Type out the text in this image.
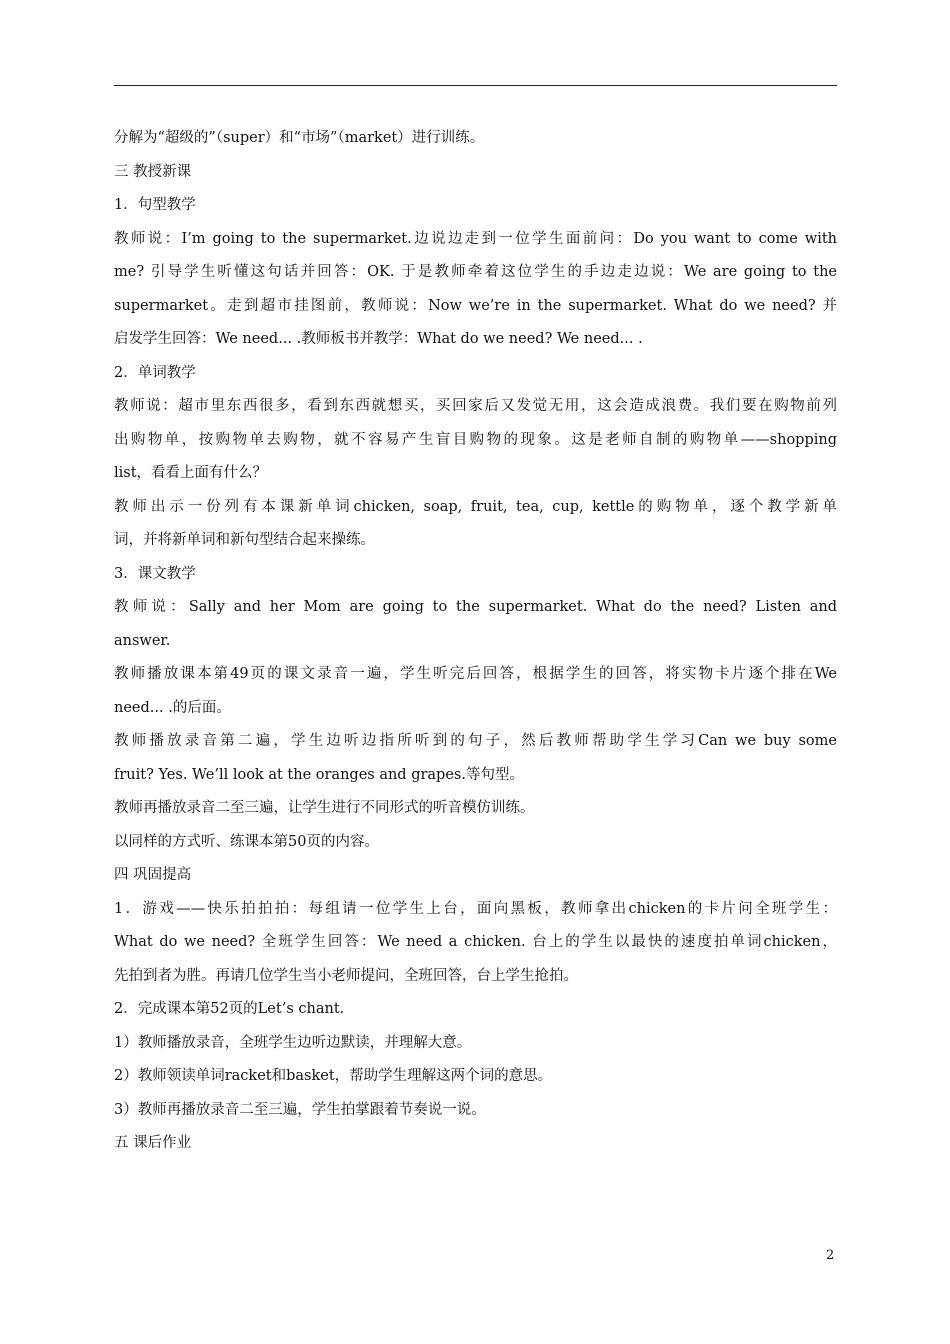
分解为“超级的”（super）和“市场”（market）进行训练。
三 教授新课
1．句型教学
教师说：I’m going to the supermarket.边说边走到一位学生面前问：Do you want to come with
me? 引导学生听懂这句话并回答：OK. 于是教师牵着这位学生的手边走边说：We are going to the
supermarket。走到超市挂图前，教师说：Now we’re in the supermarket. What do we need? 并
启发学生回答：We need... .教师板书并教学：What do we need? We need... .
2．单词教学
教师说：超市里东西很多，看到东西就想买，买回家后又发觉无用，这会造成浪费。我们要在购物前列
出购物单，按购物单去购物，就不容易产生盲目购物的现象。这是老师自制的购物单——shopping
list，看看上面有什么？
教师出示一份列有本课新单词chicken, soap, fruit, tea, cup, kettle的购物单，逐个教学新单
词，并将新单词和新句型结合起来操练。
3．课文教学
教师说：Sally and her Mom are going to the supermarket. What do the need? Listen and
answer.
教师播放课本第49页的课文录音一遍，学生听完后回答，根据学生的回答，将实物卡片逐个排在We
need... .的后面。
教师播放录音第二遍，学生边听边指所听到的句子，然后教师帮助学生学习Can we buy some
fruit? Yes. We’ll look at the oranges and grapes.等句型。
教师再播放录音二至三遍，让学生进行不同形式的听音模仿训练。
以同样的方式听、练课本第50页的内容。
四 巩固提高
1．游戏——快乐拍拍拍：每组请一位学生上台，面向黑板，教师拿出chicken的卡片问全班学生：
What do we need? 全班学生回答：We need a chicken. 台上的学生以最快的速度拍单词chicken，
先拍到者为胜。再请几位学生当小老师提问，全班回答，台上学生抢拍。
2．完成课本第52页的Let’s chant.
1）教师播放录音，全班学生边听边默读，并理解大意。
2）教师领读单词racket和basket，帮助学生理解这两个词的意思。
3）教师再播放录音二至三遍，学生拍掌跟着节奏说一说。
五 课后作业
2
